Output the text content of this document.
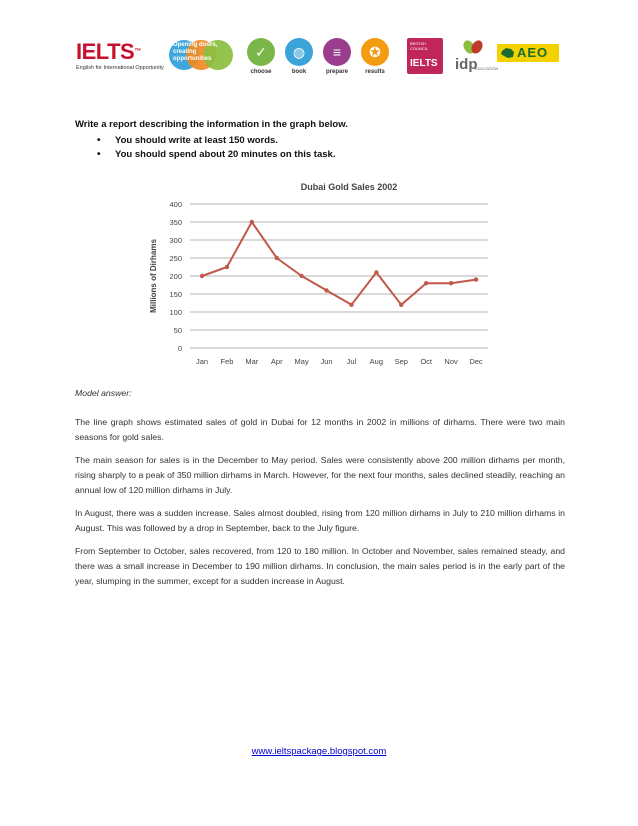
IELTS™
English for International Opportunity
Opening doors, creating opportunities	✓
choose
◍
book
≡
prepare
✪
results
BRITISH COUNCIL
IELTS idp
EDUCATION
AEO
Write a report describing the information in the graph below.
• You should write at least 150 words.
• You should spend about 20 minutes on this task.
Dubai Gold Sales 2002
0
50
100
150
200
250
300
350
400
Millions of Dirhams
Jan Feb Mar Apr May Jun Jul Aug Sep Oct Nov Dec
Model answer:

The line graph shows estimated sales of gold in Dubai for 12 months in 2002 in millions of dirhams. There were two main seasons for gold sales.

The main season for sales is in the December to May period. Sales were consistently above 200 million dirhams per month, rising sharply to a peak of 350 million dirhams in March. However, for the next four months, sales declined steadily, reaching an annual low of 120 million dirhams in July.

In August, there was a sudden increase. Sales almost doubled, rising from 120 million dirhams in July to 210 million dirhams in August. This was followed by a drop in September, back to the July figure.

From September to October, sales recovered, from 120 to 180 million. In October and November, sales remained steady, and there was a small increase in December to 190 million dirhams. In conclusion, the main sales period is in the early part of the year, slumping in the summer, except for a sudden increase in August.

www.ieltspackage.blogspot.com
